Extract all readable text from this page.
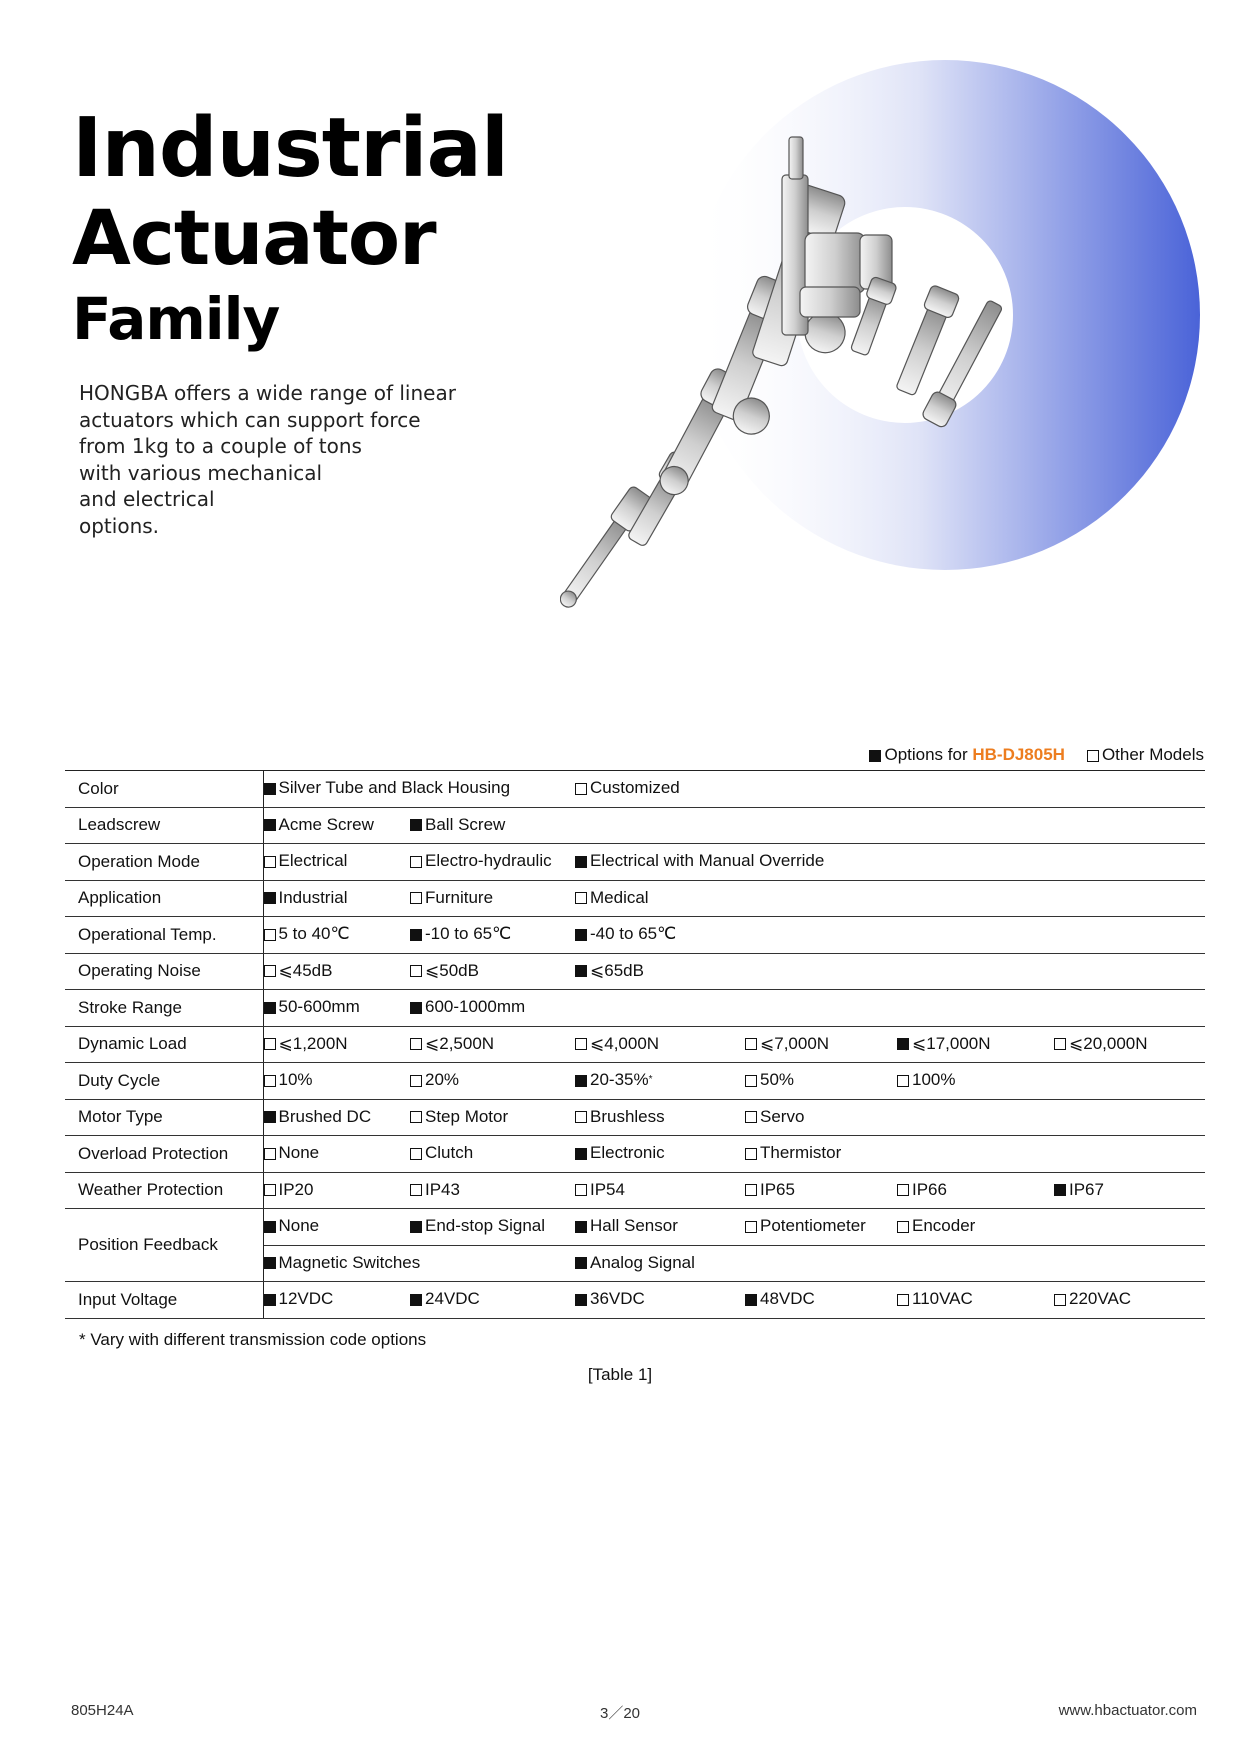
Industrial
Actuator
Family
HONGBA offers a wide range of linear
actuators which can support force
from 1kg to a couple of tons
with various mechanical
and electrical
options.
Options for
HB-DJ805H Other Models
Color	Silver Tube and Black Housing		Customized			

Leadscrew	Acme Screw	Ball Screw				

Operation Mode	Electrical	Electro-hydraulic	Electrical with Manual Override			

Application	Industrial	Furniture	Medical			

Operational Temp.	5 to 40℃	-10 to 65℃	-40 to 65℃			

Operating Noise	⩽45dB	⩽50dB	⩽65dB			

Stroke Range	50-600mm	600-1000mm				

Dynamic Load	⩽1,200N	⩽2,500N	⩽4,000N	⩽7,000N	⩽17,000N	⩽20,000N

Duty Cycle	10%	20%	20-35% *	50%	100%	

Motor Type	Brushed DC	Step Motor	Brushless	Servo		

Overload Protection	None	Clutch	Electronic	Thermistor		

Weather Protection	IP20	IP43	IP54	IP65	IP66	IP67

Position Feedback	None	End-stop Signal	Hall Sensor	Potentiometer	Encoder	

	Magnetic Switches		Analog Signal			

Input Voltage	12VDC	24VDC	36VDC	48VDC	110VAC	220VAC
* Vary with different transmission code options
[Table 1]
805H24A	3／20	www.hbactuator.com
